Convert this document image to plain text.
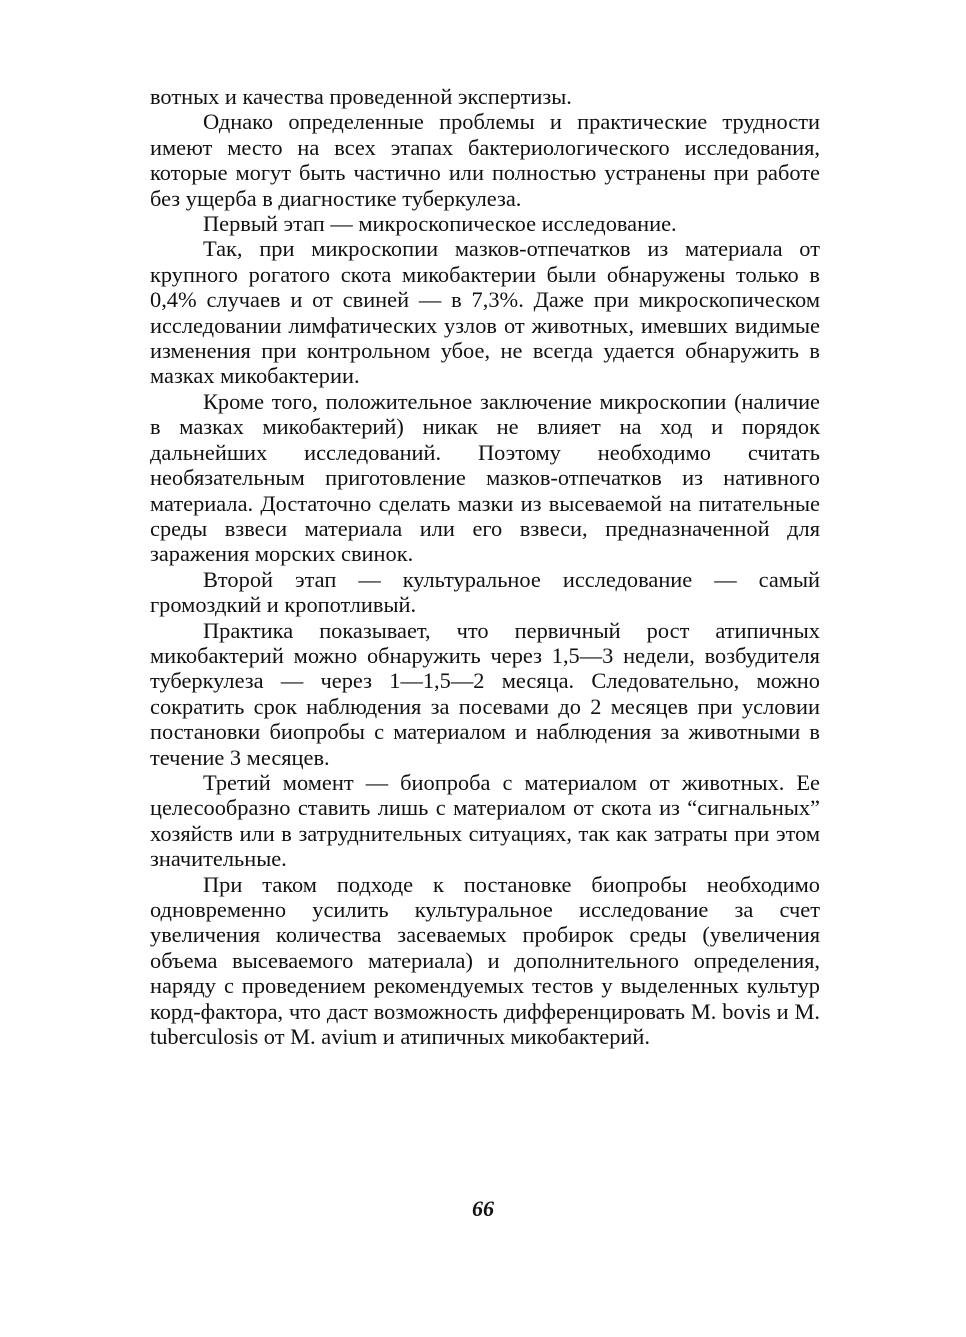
вотных и качества проведенной экспертизы.

Однако определенные проблемы и практические трудности имеют место на всех этапах бактериологического исследования, которые могут быть частично или полностью устранены при работе без ущерба в диагностике туберкулеза.

Первый этап — микроскопическое исследование.

Так, при микроскопии мазков-отпечатков из материала от крупного рогатого скота микобактерии были обнаружены только в 0,4% случаев и от свиней — в 7,3%. Даже при микроскопическом исследовании лимфатических узлов от животных, имевших видимые изменения при контрольном убое, не всегда удается обнаружить в мазках микобактерии.

Кроме того, положительное заключение микроскопии (наличие в мазках микобактерий) никак не влияет на ход и порядок дальнейших исследований. Поэтому необходимо считать необязательным приготовление мазков-отпечатков из нативного материала. Достаточно сделать мазки из высеваемой на питательные среды взвеси материала или его взвеси, предназначенной для заражения морских свинок.

Второй этап — культуральное исследование — самый громоздкий и кропотливый.

Практика показывает, что первичный рост атипичных микобактерий можно обнаружить через 1,5—3 недели, возбудителя туберкулеза — через 1—1,5—2 месяца. Следовательно, можно сократить срок наблюдения за посевами до 2 месяцев при условии постановки биопробы с материалом и наблюдения за животными в течение 3 месяцев.

Третий момент — биопроба с материалом от животных. Ее целесообразно ставить лишь с материалом от скота из “сигнальных” хозяйств или в затруднительных ситуациях, так как затраты при этом значительные.

При таком подходе к постановке биопробы необходимо одновременно усилить культуральное исследование за счет увеличения количества засеваемых пробирок среды (увеличения объема высеваемого материала) и дополнительного определения, наряду с проведением рекомендуемых тестов у выделенных культур корд-фактора, что даст возможность дифференцировать M. bovis и M. tuberculosis от M. avium и атипичных микобактерий.

66
